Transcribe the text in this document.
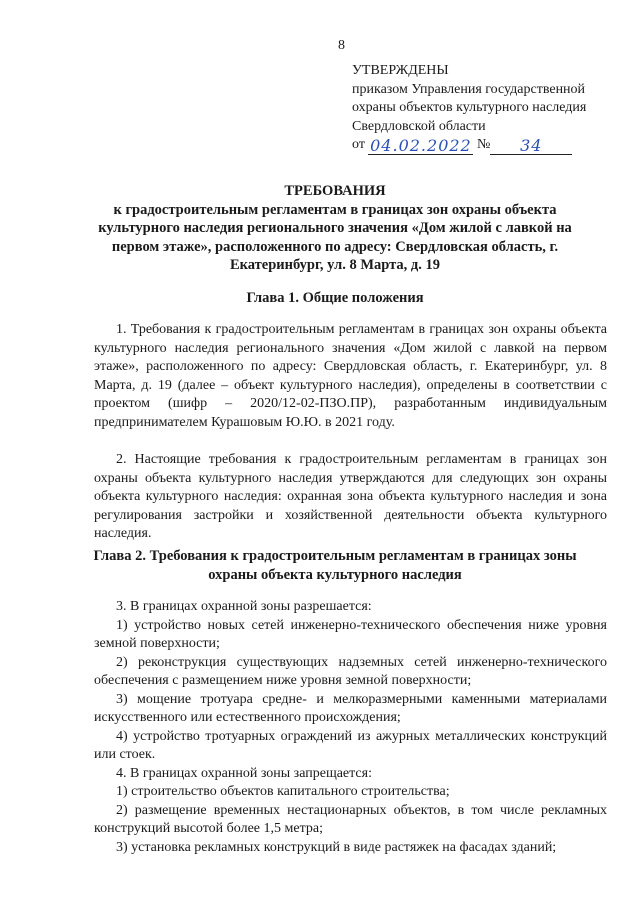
8
УТВЕРЖДЕНЫ
приказом Управления государственной
охраны объектов культурного наследия
Свердловской области
от
04.02.2022
№	34
ТРЕБОВАНИЯ
к градостроительным регламентам в границах зон охраны объекта культурного наследия регионального значения «Дом жилой с лавкой на первом этаже», расположенного по адресу: Свердловская область, г. Екатеринбург, ул. 8 Марта, д. 19
Глава 1. Общие положения
1. Требования к градостроительным регламентам в границах зон охраны объекта культурного наследия регионального значения «Дом жилой с лавкой на первом этаже», расположенного по адресу: Свердловская область, г. Екатеринбург, ул. 8 Марта, д. 19 (далее – объект культурного наследия), определены в соответствии с проектом (шифр – 2020/12-02-ПЗО.ПР), разработанным индивидуальным предпринимателем Курашовым Ю.Ю. в 2021 году.
2. Настоящие требования к градостроительным регламентам в границах зон охраны объекта культурного наследия утверждаются для следующих зон охраны объекта культурного наследия: охранная зона объекта культурного наследия и зона регулирования застройки и хозяйственной деятельности объекта культурного наследия.
Глава 2. Требования к градостроительным регламентам в границах зоны
охраны объекта культурного наследия

3. В границах охранной зоны разрешается:

1) устройство новых сетей инженерно-технического обеспечения ниже уровня земной поверхности;

2) реконструкция существующих надземных сетей инженерно-технического обеспечения с размещением ниже уровня земной поверхности;

3) мощение тротуара средне- и мелкоразмерными каменными материалами искусственного или естественного происхождения;

4) устройство тротуарных ограждений из ажурных металлических конструкций или стоек.

4. В границах охранной зоны запрещается:

1) строительство объектов капитального строительства;

2) размещение временных нестационарных объектов, в том числе рекламных конструкций высотой более 1,5 метра;

3) установка рекламных конструкций в виде растяжек на фасадах зданий;
